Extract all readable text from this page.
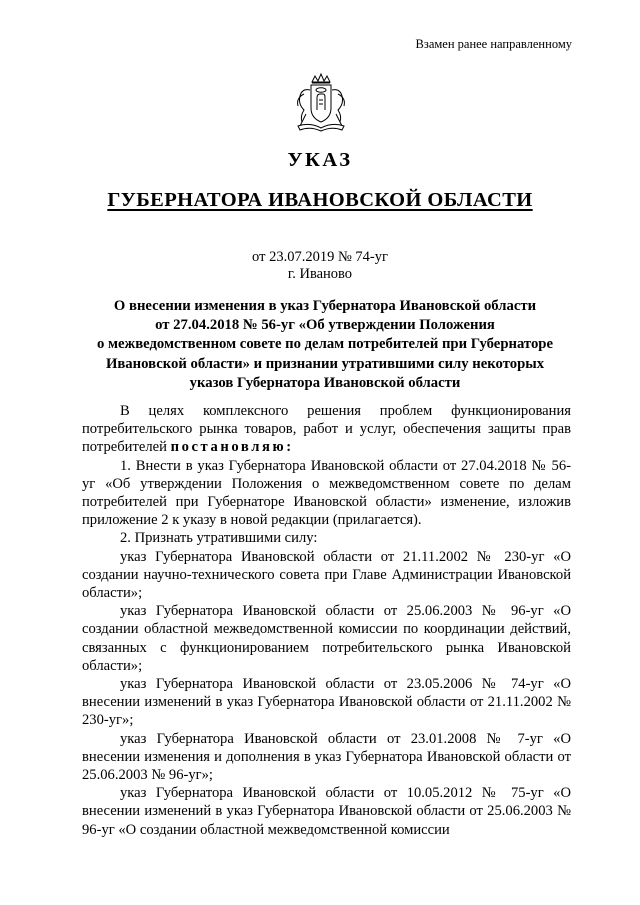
Взамен ранее направленному
УКАЗ
ГУБЕРНАТОРА ИВАНОВСКОЙ ОБЛАСТИ
от 23.07.2019 № 74-уг
г. Иваново
О внесении изменения в указ Губернатора Ивановской области
от 27.04.2018 № 56-уг «Об утверждении Положения
о межведомственном совете по делам потребителей при Губернаторе
Ивановской области» и признании утратившими силу некоторых
указов Губернатора Ивановской области

В целях комплексного решения проблем функционирования потребительского рынка товаров, работ и услуг, обеспечения защиты прав потребителей постановляю:

1. Внести в указ Губернатора Ивановской области от 27.04.2018 № 56-уг «Об утверждении Положения о межведомственном совете по делам потребителей при Губернаторе Ивановской области» изменение, изложив приложение 2 к указу в новой редакции (прилагается).

2. Признать утратившими силу:

указ Губернатора Ивановской области от 21.11.2002 № 230-уг «О создании научно-технического совета при Главе Администрации Ивановской области»;

указ Губернатора Ивановской области от 25.06.2003 № 96-уг «О создании областной межведомственной комиссии по координации действий, связанных с функционированием потребительского рынка Ивановской области»;

указ Губернатора Ивановской области от 23.05.2006 № 74-уг «О внесении изменений в указ Губернатора Ивановской области от 21.11.2002 № 230-уг»;

указ Губернатора Ивановской области от 23.01.2008 № 7-уг «О внесении изменения и дополнения в указ Губернатора Ивановской области от 25.06.2003 № 96-уг»;

указ Губернатора Ивановской области от 10.05.2012 № 75-уг «О внесении изменений в указ Губернатора Ивановской области от 25.06.2003 № 96-уг «О создании областной межведомственной комиссии
